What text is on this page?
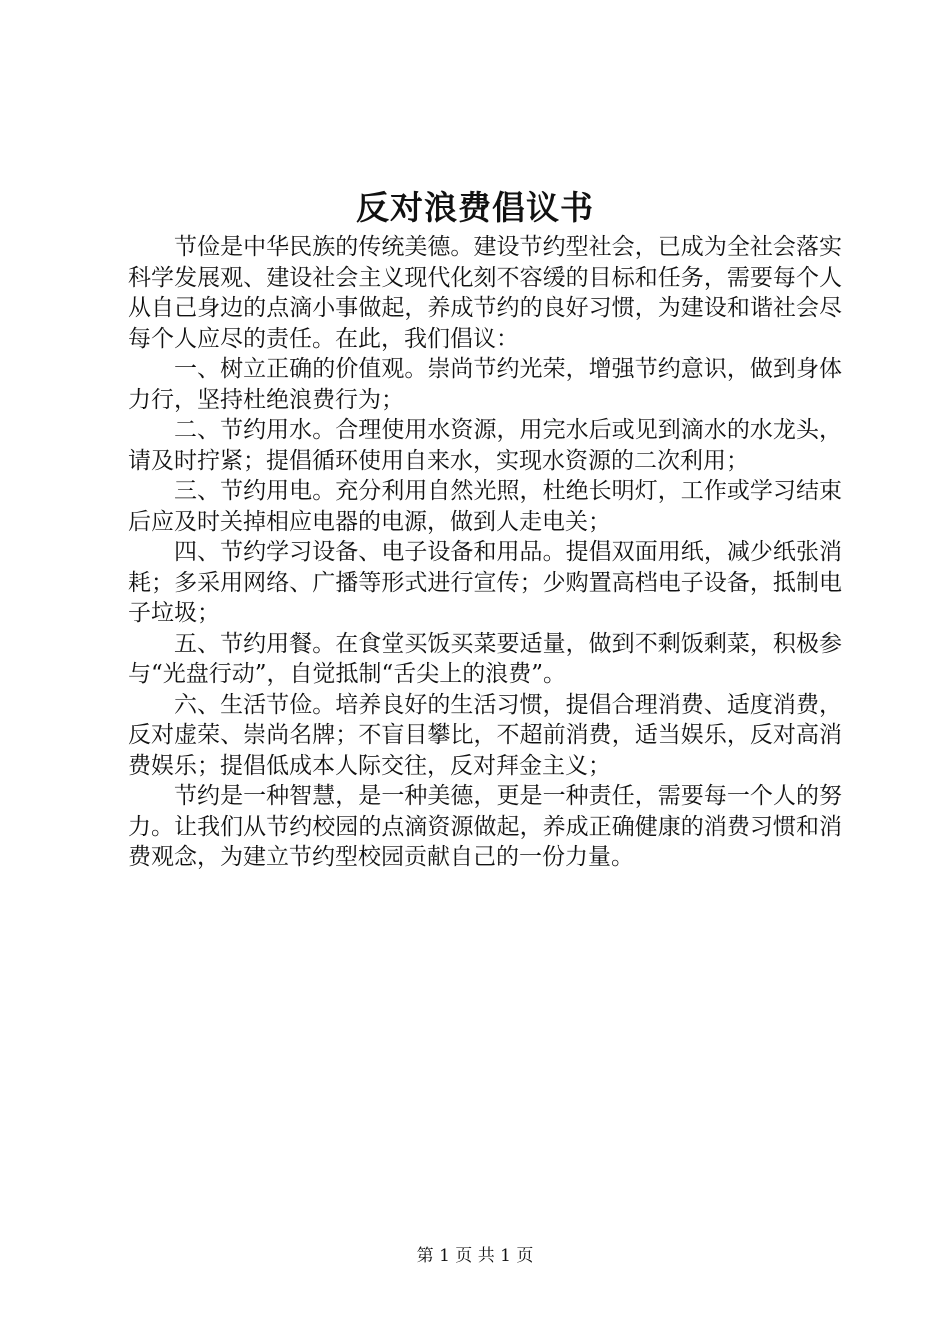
反对浪费倡议书

节俭是中华民族的传统美德。建设节约型社会，已成为全社会落实科学发展观、建设社会主义现代化刻不容缓的目标和任务，需要每个人从自己身边的点滴小事做起，养成节约的良好习惯，为建设和谐社会尽每个人应尽的责任。在此，我们倡议：

一、树立正确的价值观。崇尚节约光荣，增强节约意识，做到身体力行，坚持杜绝浪费行为；

二、节约用水。合理使用水资源，用完水后或见到滴水的水龙头，请及时拧紧；提倡循环使用自来水，实现水资源的二次利用；

三、节约用电。充分利用自然光照，杜绝长明灯，工作或学习结束后应及时关掉相应电器的电源，做到人走电关；

四、节约学习设备、电子设备和用品。提倡双面用纸，减少纸张消耗；多采用网络、广播等形式进行宣传；少购置高档电子设备，抵制电子垃圾；

五、节约用餐。在食堂买饭买菜要适量，做到不剩饭剩菜，积极参与“光盘行动”，自觉抵制“舌尖上的浪费”。

六、生活节俭。培养良好的生活习惯，提倡合理消费、适度消费，反对虚荣、崇尚名牌；不盲目攀比，不超前消费，适当娱乐，反对高消费娱乐；提倡低成本人际交往，反对拜金主义；

节约是一种智慧，是一种美德，更是一种责任，需要每一个人的努力。让我们从节约校园的点滴资源做起，养成正确健康的消费习惯和消费观念，为建立节约型校园贡献自己的一份力量。

第 1 页 共 1 页
